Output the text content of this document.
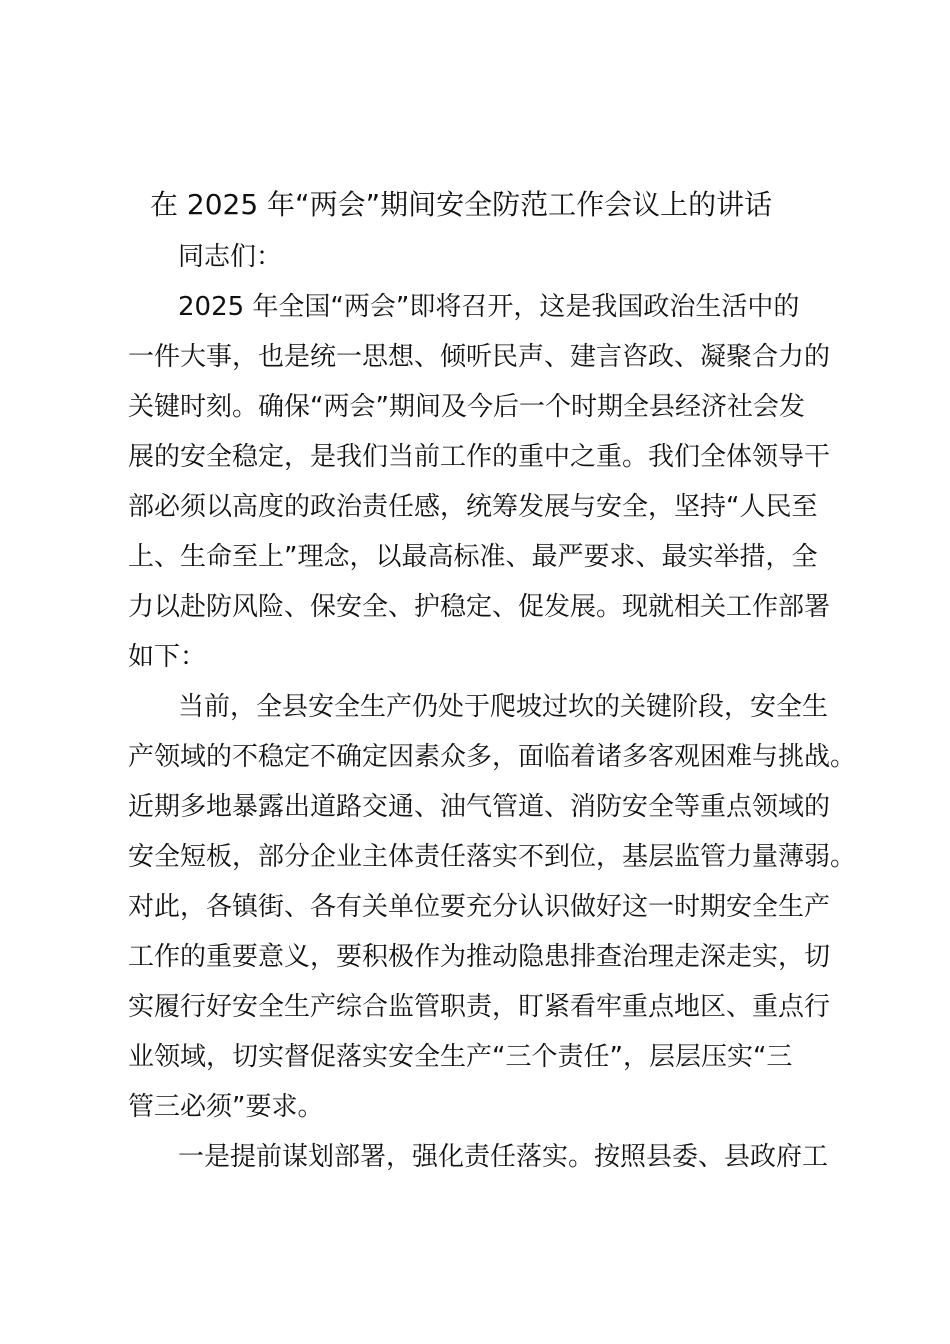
在 2025 年“两会”期间安全防范工作会议上的讲话

同志们：

2025 年全国“两会”即将召开，这是我国政治生活中的
一件大事，也是统一思想、倾听民声、建言咨政、凝聚合力的
关键时刻。确保“两会”期间及今后一个时期全县经济社会发
展的安全稳定，是我们当前工作的重中之重。我们全体领导干
部必须以高度的政治责任感，统筹发展与安全，坚持“人民至
上、生命至上”理念，以最高标准、最严要求、最实举措，全
力以赴防风险、保安全、护稳定、促发展。现就相关工作部署
如下：
当前，全县安全生产仍处于爬坡过坎的关键阶段，安全生
产领域的不稳定不确定因素众多，面临着诸多客观困难与挑战。
近期多地暴露出道路交通、油气管道、消防安全等重点领域的
安全短板，部分企业主体责任落实不到位，基层监管力量薄弱。
对此，各镇街、各有关单位要充分认识做好这一时期安全生产
工作的重要意义，要积极作为推动隐患排查治理走深走实，切
实履行好安全生产综合监管职责，盯紧看牢重点地区、重点行
业领域，切实督促落实安全生产“三个责任”，层层压实“三
管三必须”要求。
一是提前谋划部署，强化责任落实。按照县委、县政府工
